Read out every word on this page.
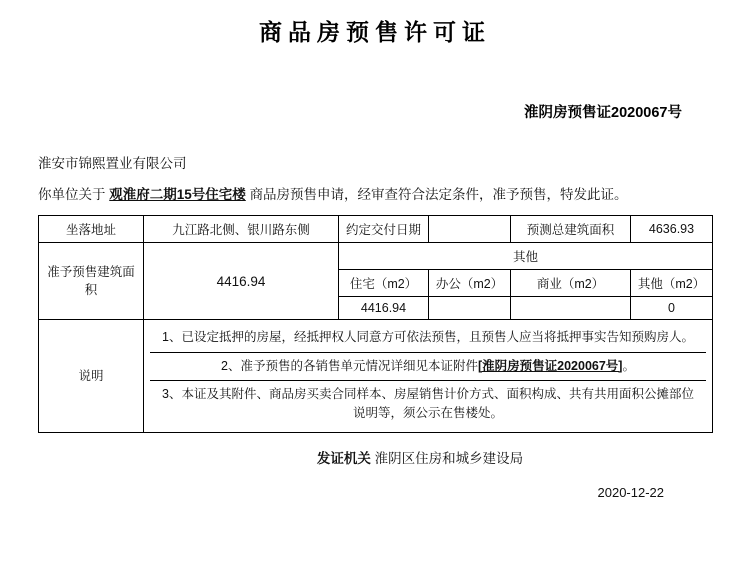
商品房预售许可证
淮阴房预售证2020067号
淮安市锦熙置业有限公司
你单位关于 观淮府二期15号住宅楼 商品房预售申请，经审查符合法定条件，准予预售，特发此证。
坐落地址	九江路北侧、银川路东侧	约定交付日期		预测总建筑面积	4636.93
准予预售建筑面积	4416.94	其他
住宅（m2）	办公（m2）	商业（m2）	其他（m2）
4416.94			0
说明	
1、已设定抵押的房屋，经抵押权人同意方可依法预售，且预售人应当将抵押事实告知预购房人。
2、准予预售的各销售单元情况详细见本证附件[淮阴房预售证2020067号]。
3、本证及其附件、商品房买卖合同样本、房屋销售计价方式、面积构成、共有共用面积公摊部位说明等，须公示在售楼处。
发证机关 淮阴区住房和城乡建设局
2020-12-22
